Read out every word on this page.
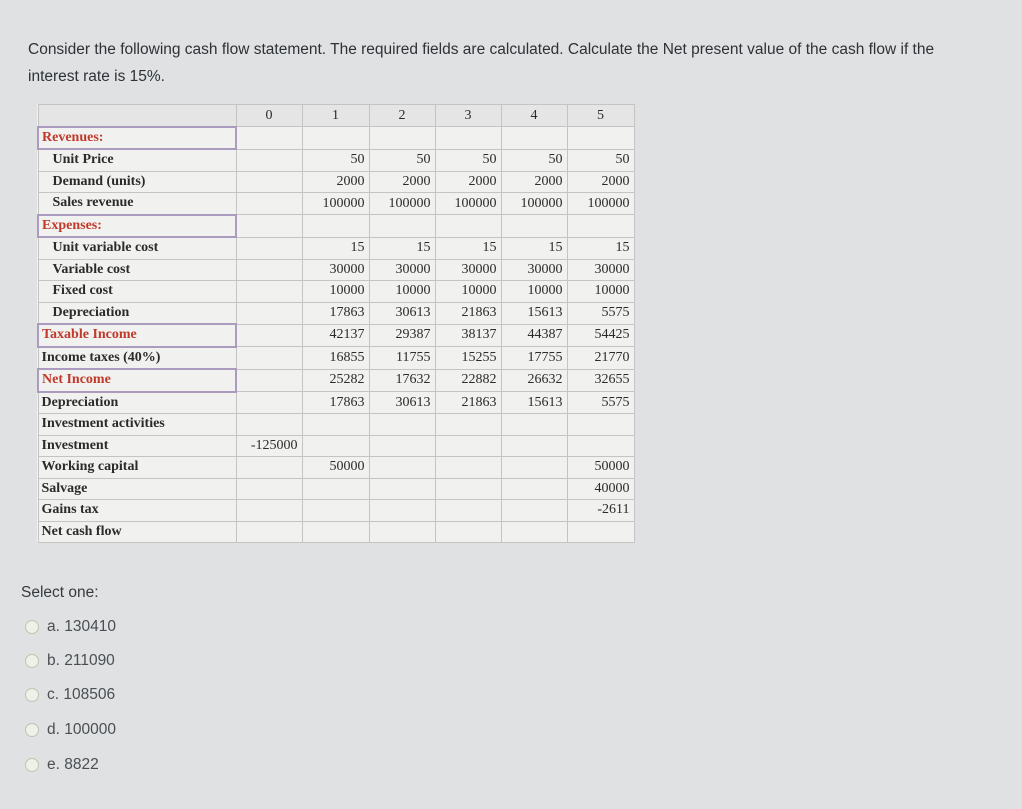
Consider the following cash flow statement. The required fields are calculated. Calculate the Net present value of the cash flow if the interest rate is 15%.
	0	1	2	3	4	5
Revenues:						
Unit Price		50	50	50	50	50
Demand (units)		2000	2000	2000	2000	2000
Sales revenue		100000	100000	100000	100000	100000
Expenses:						
Unit variable cost		15	15	15	15	15
Variable cost		30000	30000	30000	30000	30000
Fixed cost		10000	10000	10000	10000	10000
Depreciation		17863	30613	21863	15613	5575
Taxable Income		42137	29387	38137	44387	54425
Income taxes (40%)		16855	11755	15255	17755	21770
Net Income		25282	17632	22882	26632	32655
Depreciation		17863	30613	21863	15613	5575
Investment activities						
Investment	-125000					
Working capital		50000				50000
Salvage						40000
Gains tax						-2611
Net cash flow						
Select one:
a. 130410
b. 211090
c. 108506
d. 100000
e. 8822
